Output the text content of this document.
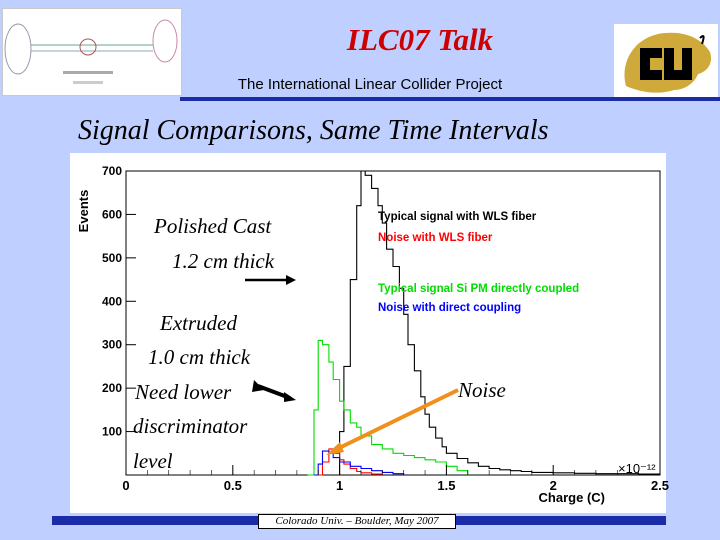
ILC07 Talk
The International Linear Collider Project
Signal Comparisons, Same Time Intervals
0	0.5	1	1.5	2	2.5
100
200
300
400
500
600
700
Events
Charge (C)
×10⁻¹²
Typical signal with WLS fiber
Noise with WLS fiber
Typical signal Si PM directly coupled
Noise with direct coupling
Polished Cast
1.2 cm thick
Extruded
1.0 cm thick
Need lower
discriminator
level
Noise
Colorado Univ. – Boulder, May 2007
